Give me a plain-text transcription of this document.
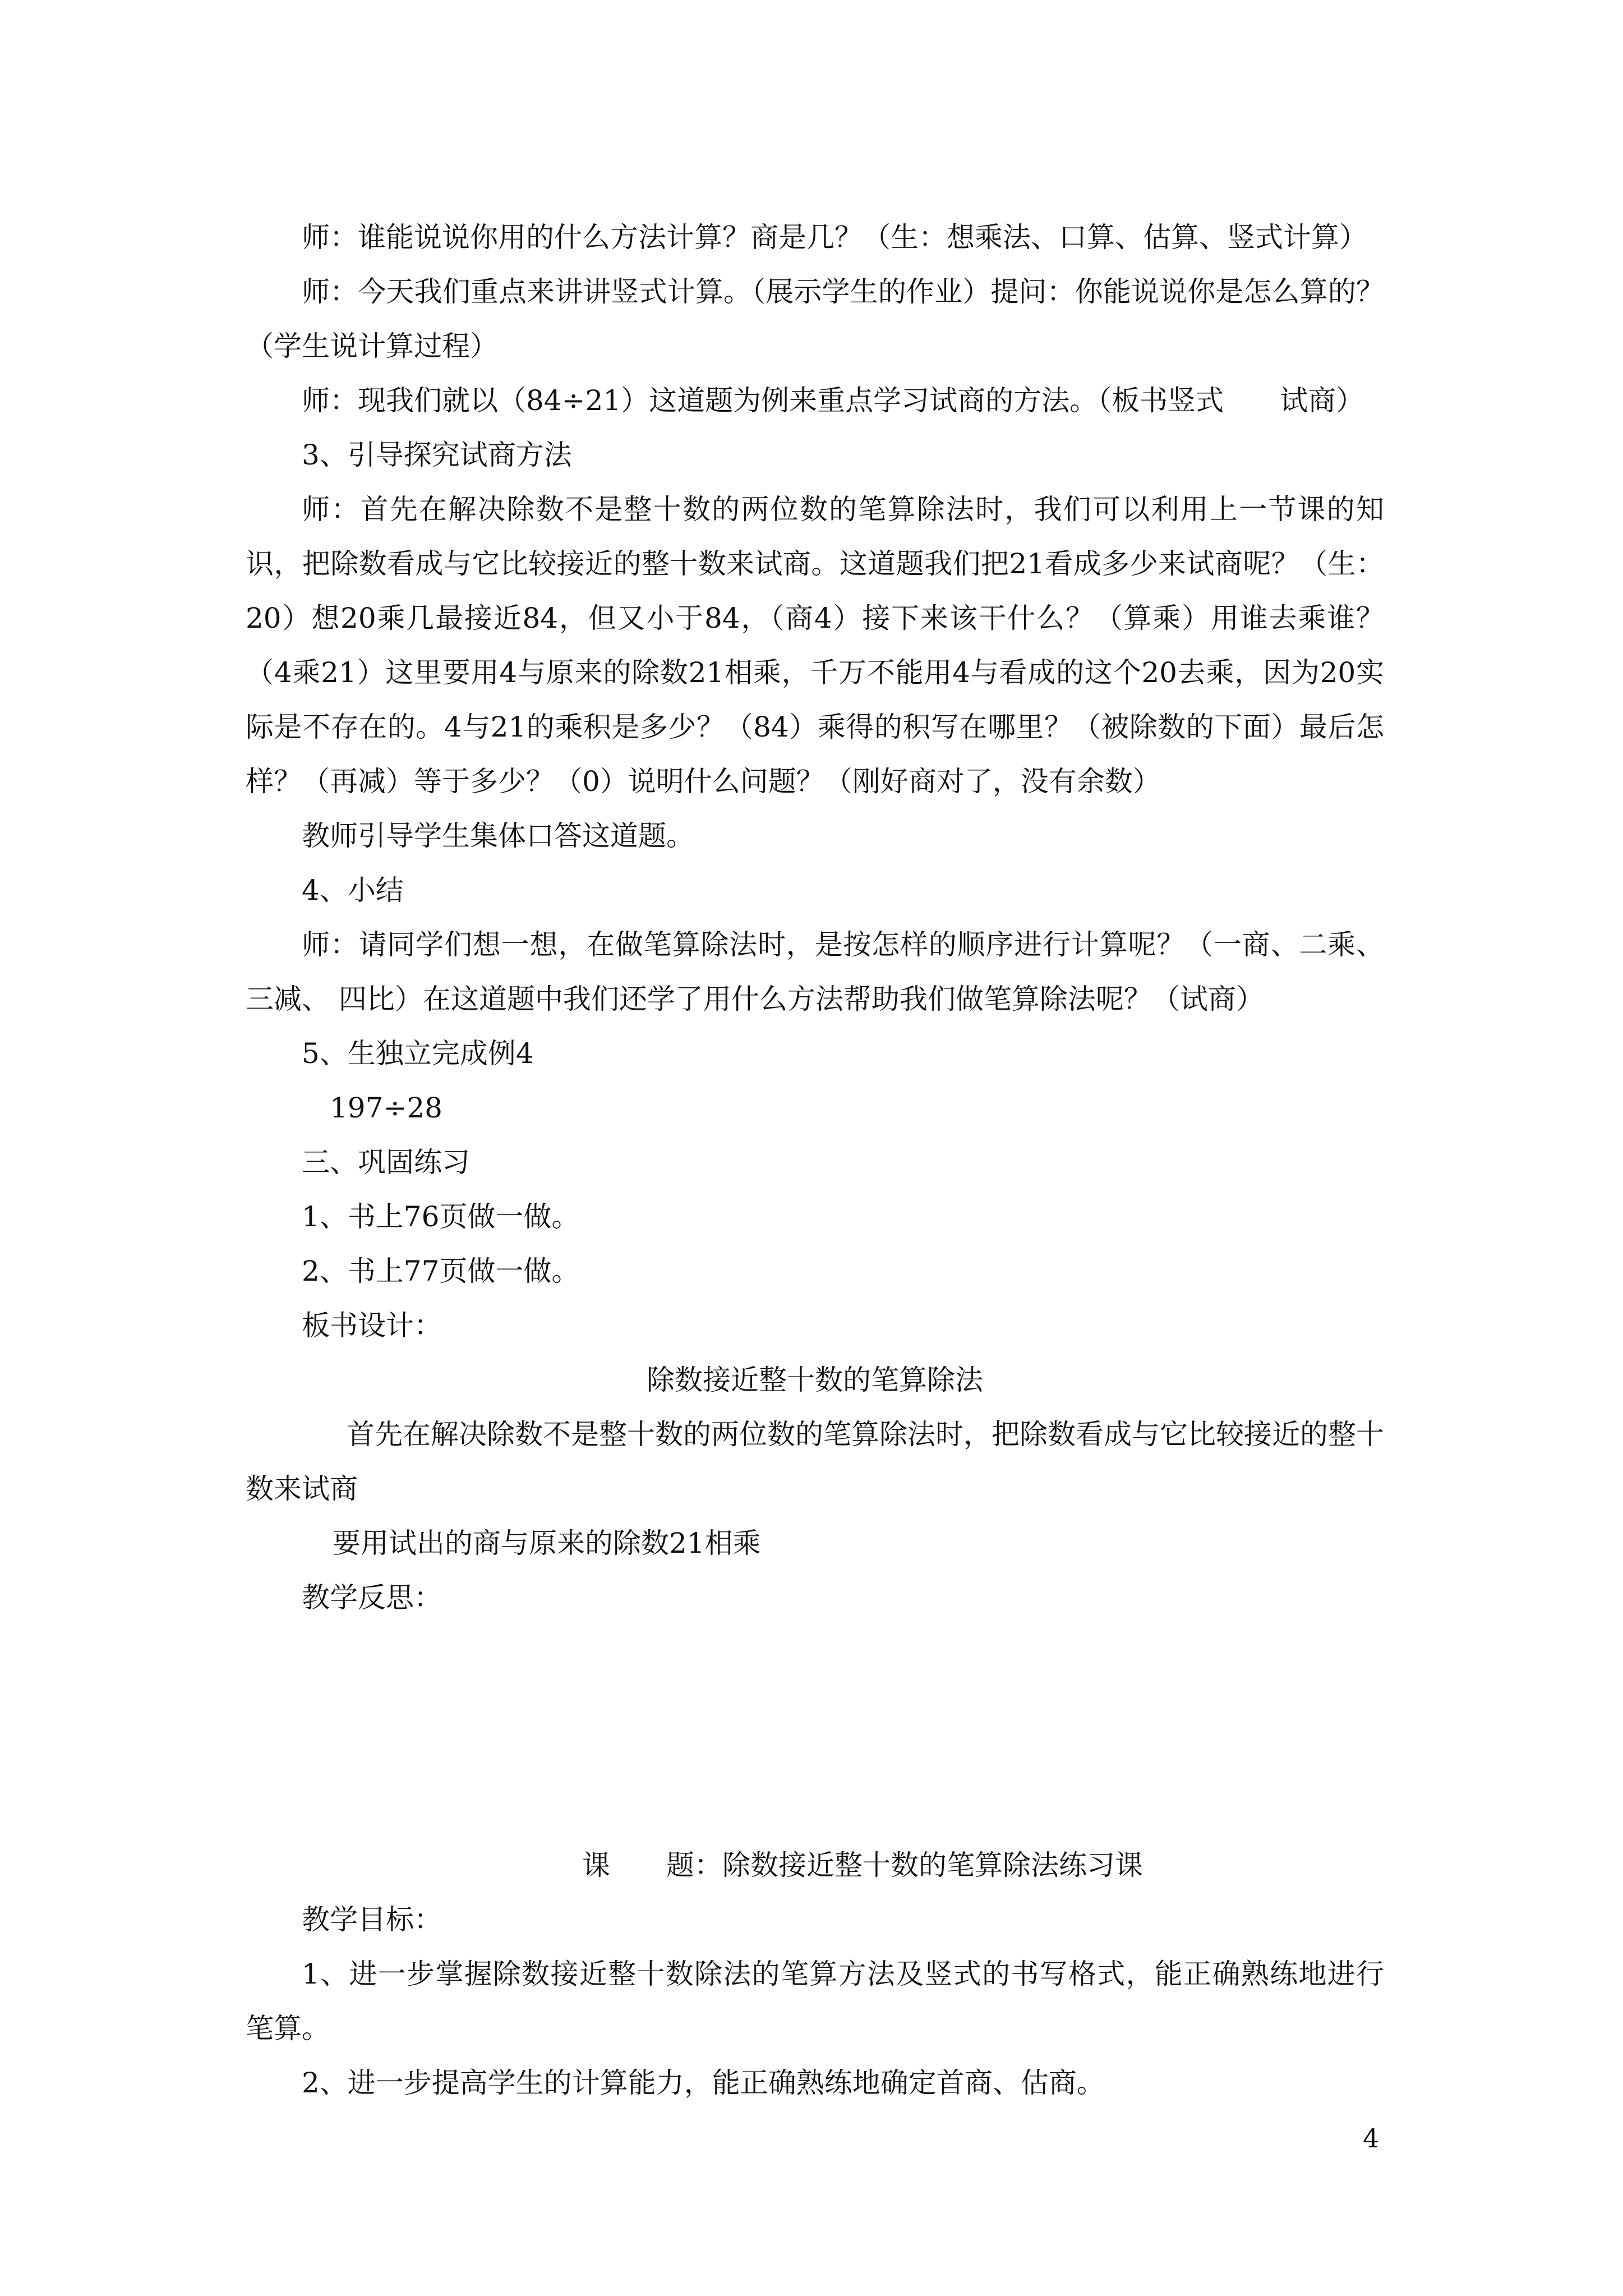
师：谁能说说你用的什么方法计算？商是几？（生：想乘法、口算、估算、竖式计算）

师：今天我们重点来讲讲竖式计算。（展示学生的作业）提问：你能说说你是怎么算的？（学生说计算过程）

师：现我们就以（84÷21）这道题为例来重点学习试商的方法。（板书竖式　　试商）

3、引导探究试商方法

师：首先在解决除数不是整十数的两位数的笔算除法时，我们可以利用上一节课的知识，把除数看成与它比较接近的整十数来试商。这道题我们把21看成多少来试商呢？（生：20）想20乘几最接近84，但又小于84，（商4）接下来该干什么？（算乘）用谁去乘谁？（4乘21）这里要用4与原来的除数21相乘，千万不能用4与看成的这个20去乘，因为20实际是不存在的。4与21的乘积是多少？（84）乘得的积写在哪里？（被除数的下面）最后怎样？（再减）等于多少？（0）说明什么问题？（刚好商对了，没有余数）

教师引导学生集体口答这道题。

4、小结

师：请同学们想一想，在做笔算除法时，是按怎样的顺序进行计算呢？（一商、二乘、三减、 四比）在这道题中我们还学了用什么方法帮助我们做笔算除法呢？（试商）

5、生独立完成例4

197÷28

三、巩固练习

1、书上76页做一做。

2、书上77页做一做。

板书设计：

除数接近整十数的笔算除法

首先在解决除数不是整十数的两位数的笔算除法时，把除数看成与它比较接近的整十数来试商

要用试出的商与原来的除数21相乘

教学反思：

课 题：除数接近整十数的笔算除法练习课

教学目标：

1、进一步掌握除数接近整十数除法的笔算方法及竖式的书写格式，能正确熟练地进行笔算。

2、进一步提高学生的计算能力，能正确熟练地确定首商、估商。

4
